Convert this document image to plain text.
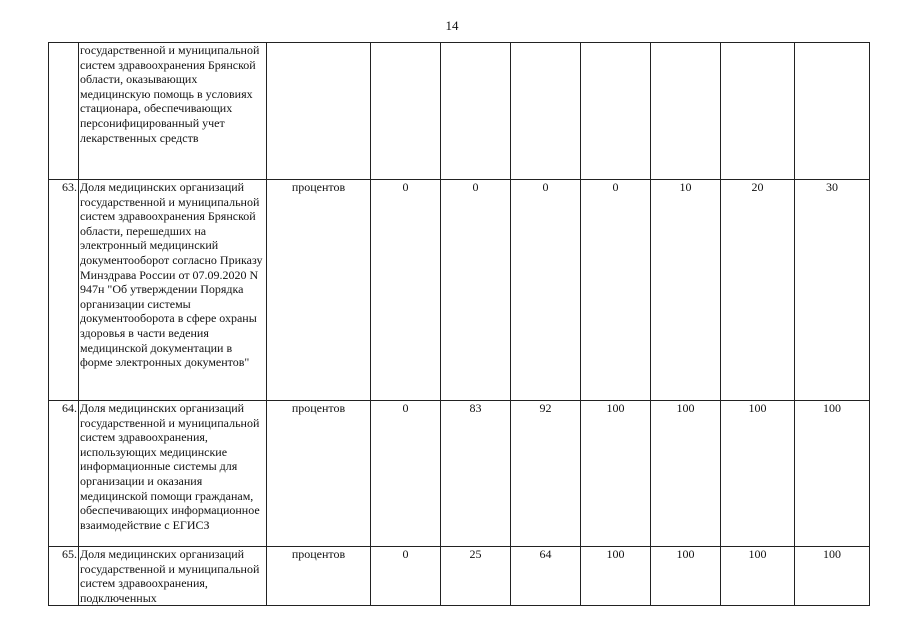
14
	государственной и муниципальной систем здравоохранения Брянской области, оказывающих медицинскую помощь в условиях стационара, обеспечивающих персонифицированный учет лекарственных средств								
63.	Доля медицинских организаций государственной и муниципальной систем здравоохранения Брянской области, перешедших на электронный медицинский документооборот согласно Приказу Минздрава России от 07.09.2020 N 947н "Об утверждении Порядка организации системы документооборота в сфере охраны здоровья в части ведения медицинской документации в форме электронных документов"	процентов	0	0	0	0	10	20	30
64.	Доля медицинских организаций государственной и муниципальной систем здравоохранения, использующих медицинские информационные системы для организации и оказания медицинской помощи гражданам, обеспечивающих информационное взаимодействие с ЕГИСЗ	процентов	0	83	92	100	100	100	100
65.	Доля медицинских организаций государственной и муниципальной систем здравоохранения, подключенных	процентов	0	25	64	100	100	100	100
